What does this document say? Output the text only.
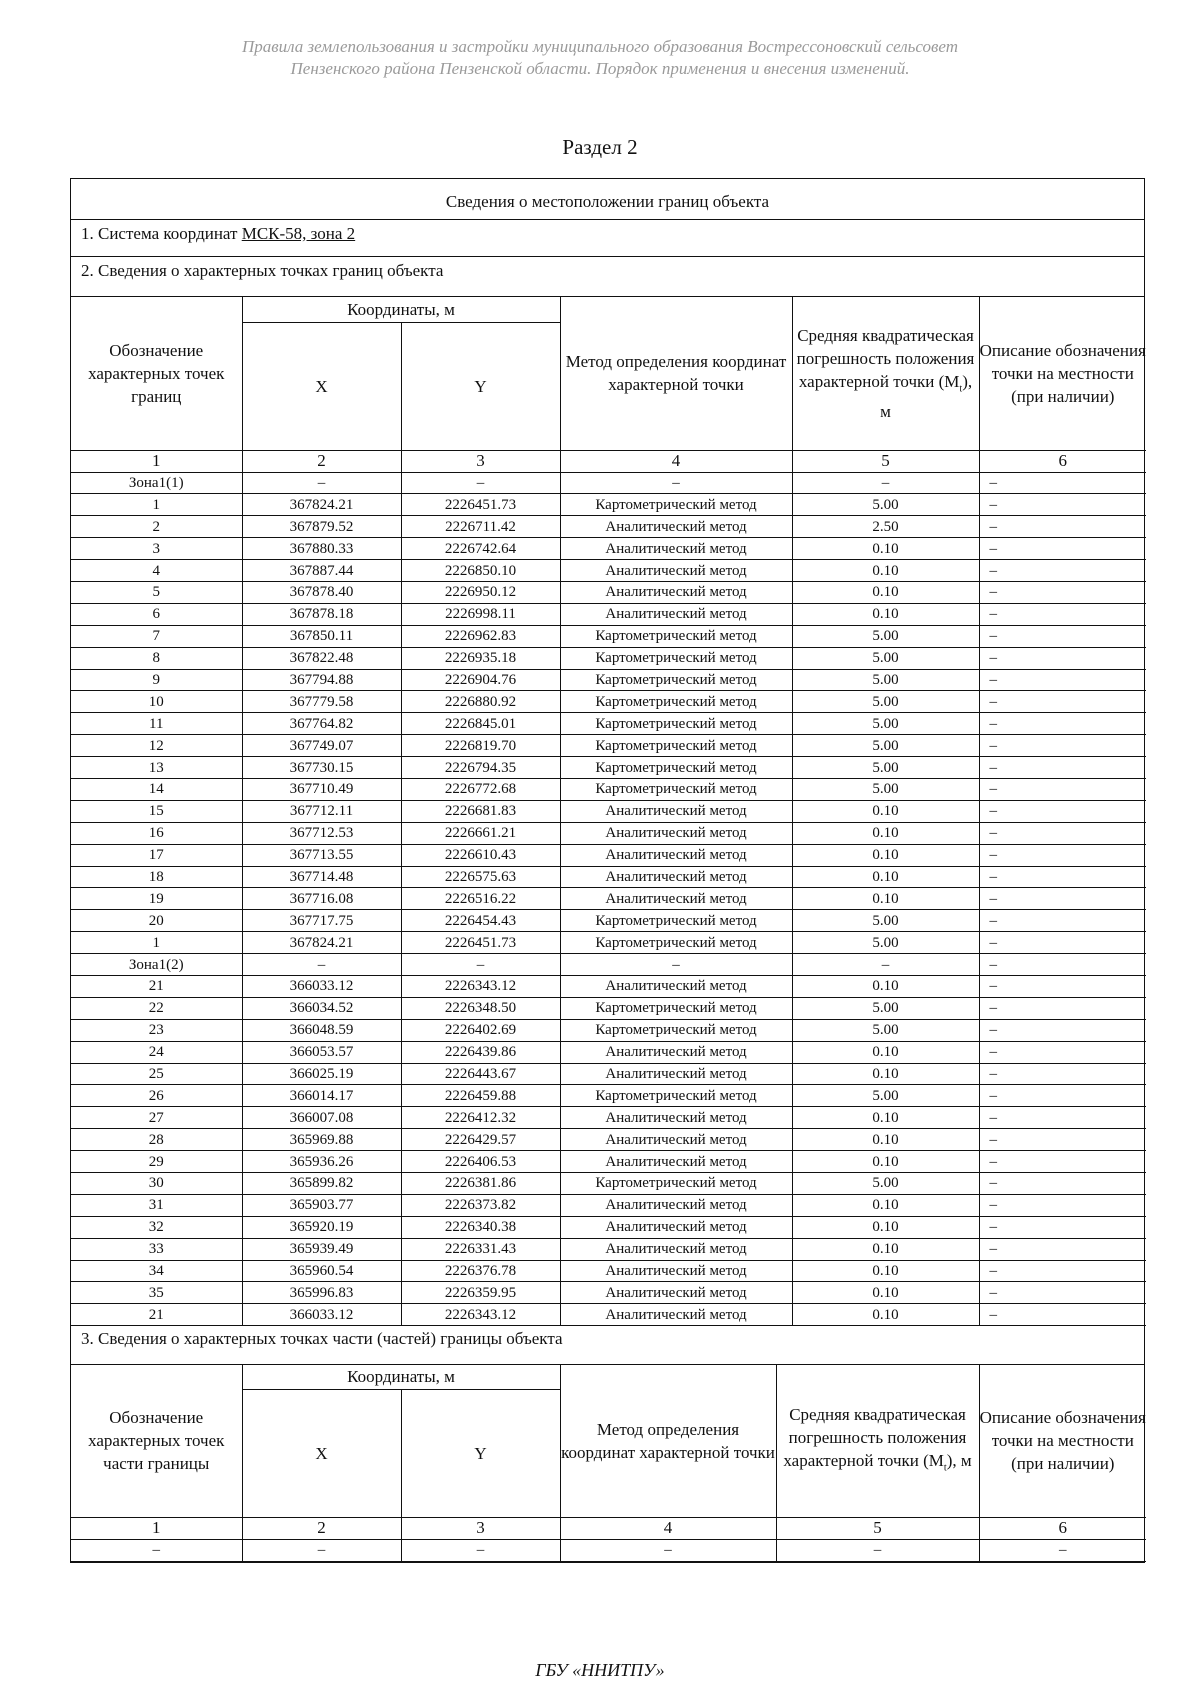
Правила землепользования и застройки муниципального образования Вострессоновский сельсовет
Пензенского района Пензенской области. Порядок применения и внесения изменений.
Раздел 2
Сведения о местоположении границ объекта
1. Система координат МСК-58, зона 2
2. Сведения о характерных точках границ объекта
Обозначение характерных точек границ	Координаты, м		Метод определения координат характерной точки	Средняя квадратическая погрешность положения характерной точки $(M_t)$, м	Описание обозначения точки на местности (при наличии)
	X	Y			
1	2	3	4	5	6
Зона1(1)	–	–	–	–	–
1	367824.21	2226451.73	Картометрический метод	5.00	–
2	367879.52	2226711.42	Аналитический метод	2.50	–
3	367880.33	2226742.64	Аналитический метод	0.10	–
4	367887.44	2226850.10	Аналитический метод	0.10	–
5	367878.40	2226950.12	Аналитический метод	0.10	–
6	367878.18	2226998.11	Аналитический метод	0.10	–
7	367850.11	2226962.83	Картометрический метод	5.00	–
8	367822.48	2226935.18	Картометрический метод	5.00	–
9	367794.88	2226904.76	Картометрический метод	5.00	–
10	367779.58	2226880.92	Картометрический метод	5.00	–
11	367764.82	2226845.01	Картометрический метод	5.00	–
12	367749.07	2226819.70	Картометрический метод	5.00	–
13	367730.15	2226794.35	Картометрический метод	5.00	–
14	367710.49	2226772.68	Картометрический метод	5.00	–
15	367712.11	2226681.83	Аналитический метод	0.10	–
16	367712.53	2226661.21	Аналитический метод	0.10	–
17	367713.55	2226610.43	Аналитический метод	0.10	–
18	367714.48	2226575.63	Аналитический метод	0.10	–
19	367716.08	2226516.22	Аналитический метод	0.10	–
20	367717.75	2226454.43	Картометрический метод	5.00	–
1	367824.21	2226451.73	Картометрический метод	5.00	–
Зона1(2)	–	–	–	–	–
21	366033.12	2226343.12	Аналитический метод	0.10	–
22	366034.52	2226348.50	Картометрический метод	5.00	–
23	366048.59	2226402.69	Картометрический метод	5.00	–
24	366053.57	2226439.86	Аналитический метод	0.10	–
25	366025.19	2226443.67	Аналитический метод	0.10	–
26	366014.17	2226459.88	Картометрический метод	5.00	–
27	366007.08	2226412.32	Аналитический метод	0.10	–
28	365969.88	2226429.57	Аналитический метод	0.10	–
29	365936.26	2226406.53	Аналитический метод	0.10	–
30	365899.82	2226381.86	Картометрический метод	5.00	–
31	365903.77	2226373.82	Аналитический метод	0.10	–
32	365920.19	2226340.38	Аналитический метод	0.10	–
33	365939.49	2226331.43	Аналитический метод	0.10	–
34	365960.54	2226376.78	Аналитический метод	0.10	–
35	365996.83	2226359.95	Аналитический метод	0.10	–
21	366033.12	2226343.12	Аналитический метод	0.10	–
3. Сведения о характерных точках части (частей) границы объекта
Обозначение характерных точек части границы	Координаты, м		Метод определения координат характерной точки	Средняя квадратическая погрешность положения характерной точки $(M_t)$, м	Описание обозначения точки на местности (при наличии)
	X	Y			
1	2	3	4	5	6
–	–	–	–	–	–
ГБУ «ННИТПУ»
